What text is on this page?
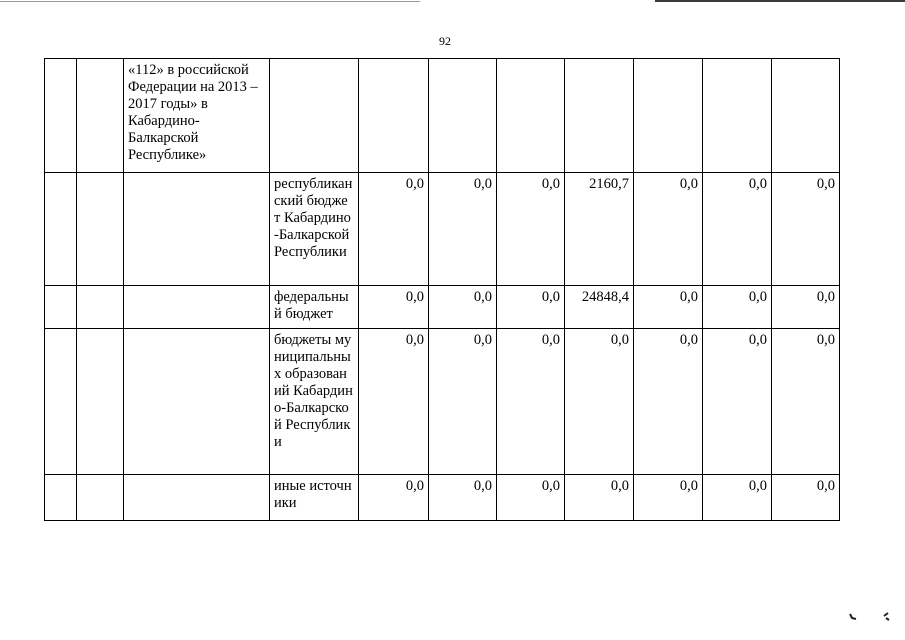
92
		«112» в российской Федерации на 2013 – 2017 годы» в Кабардино-Балкарской Республике»								
			республиканский бюджет Кабардино-Балкарской Республики	0,0	0,0	0,0	2160,7	0,0	0,0	0,0
			федеральный бюджет	0,0	0,0	0,0	24848,4	0,0	0,0	0,0
			бюджеты муниципальных образований Кабардино-Балкарской Республики	0,0	0,0	0,0	0,0	0,0	0,0	0,0
			иные источники	0,0	0,0	0,0	0,0	0,0	0,0	0,0
